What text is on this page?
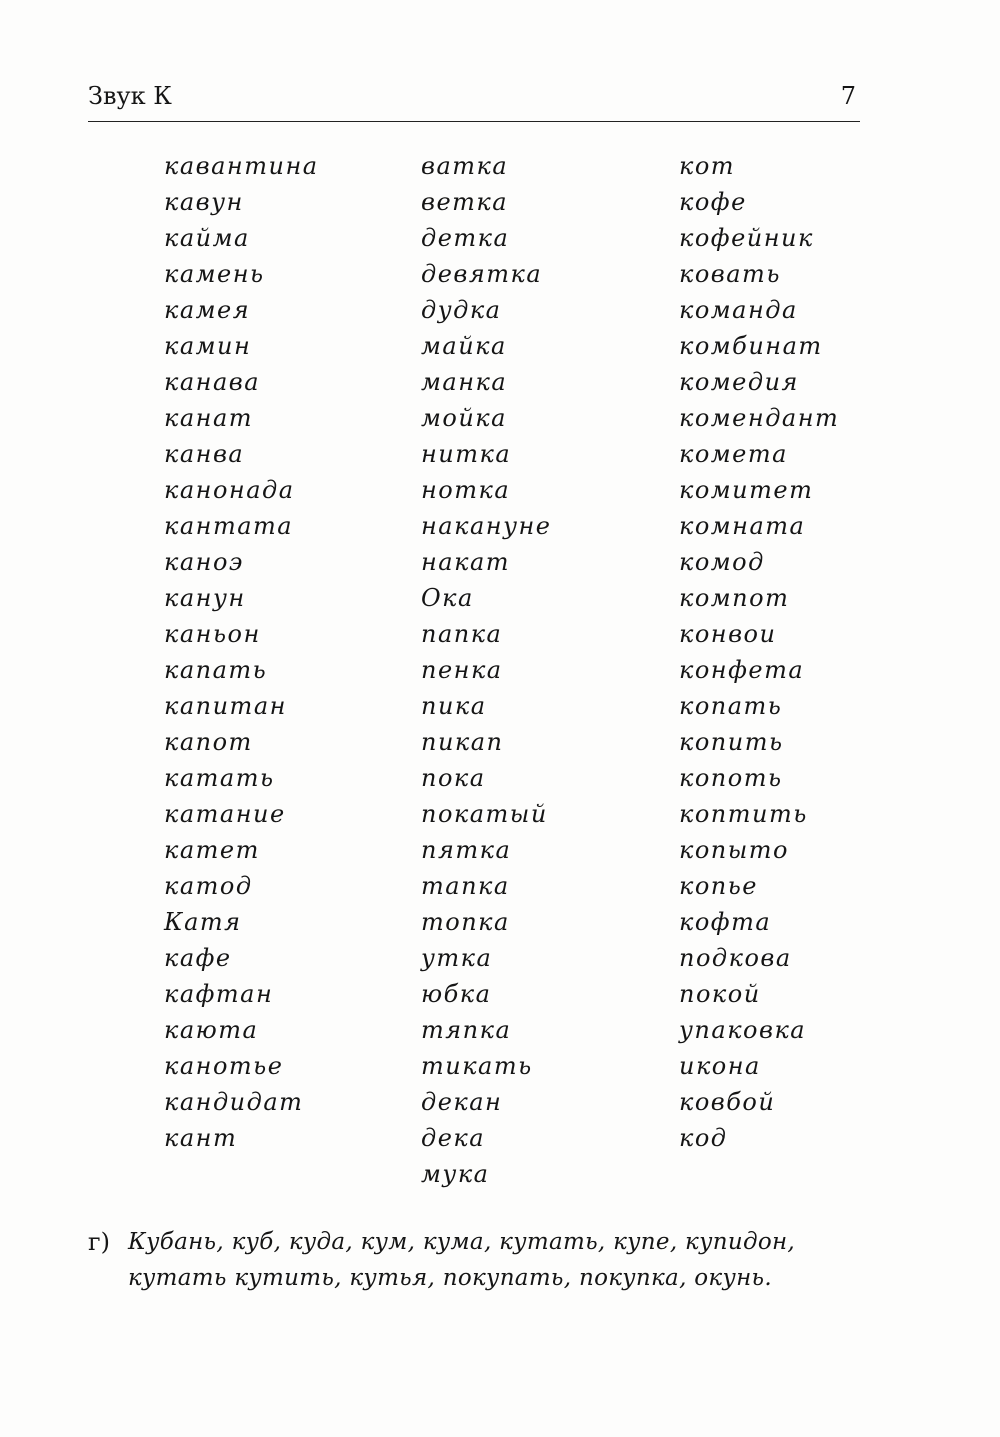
Звук К	7
кавантина
кавун
кайма
камень
камея
камин
канава
канат
канва
канонада
кантата
каноэ
канун
каньон
капать
капитан
капот
катать
катание
катет
катод
Катя
кафе
кафтан
каюта
канотье
кандидат
кант
ватка
ветка
детка
девятка
дудка
майка
манка
мойка
нитка
нотка
накануне
накат
Ока
папка
пенка
пика
пикап
пока
покатый
пятка
тапка
топка
утка
юбка
тяпка
тикать
декан
дека
мука
кот
кофе
кофейник
ковать
команда
комбинат
комедия
комендант
комета
комитет
комната
комод
компот
конвои
конфета
копать
копить
копоть
коптить
копыто
копье
кофта
подкова
покой
упаковка
икона
ковбой
код
г) Кубань, куб, куда, кум, кума, кутать, купе, купидон,
кутать кутить, кутья, покупать, покупка, окунь.
